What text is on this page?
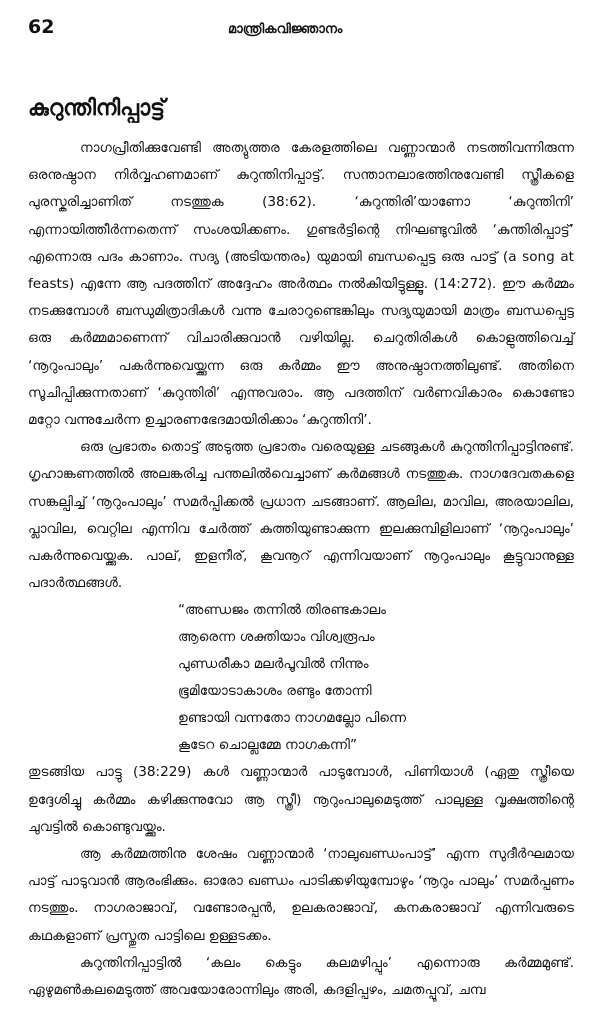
62	മാന്ത്രികവിജ്ഞാനം
കുറുന്തിനിപ്പാട്ട്

നാഗപ്രീതിക്കുവേണ്ടി അത്യുത്തര കേരളത്തിലെ വണ്ണാന്മാർ നടത്തിവന്നിരുന്ന ഒരനുഷ്ഠാന നിർവ്വഹണമാണ് കുറുന്തിനിപ്പാട്ട്. സന്താനലാഭത്തിനുവേണ്ടി സ്ത്രീകളെ പുരസ്കരിച്ചാണിത് നടത്തുക (38:62). ‘കുറുന്തിരി’യാണോ ‘കുറുന്തിനി’ എന്നായിത്തീർന്നതെന്ന് സംശയിക്കണം. ഗുണ്ടർട്ടിന്റെ നിഘണ്ടുവിൽ ‘കുന്തിരിപ്പാട്ട്’ എന്നൊരു പദം കാണാം. സദ്യ (അടിയന്തരം) യുമായി ബന്ധപ്പെട്ട ഒരു പാട്ട് (a song at feasts) എന്നേ ആ പദത്തിന് അദ്ദേഹം അർത്ഥം നൽകിയിട്ടുള്ളൂ. (14:272). ഈ കർമ്മം നടക്കുമ്പോൾ ബന്ധുമിത്രാദികൾ വന്നു ചേരാറുണ്ടെങ്കിലും സദ്യയുമായി മാത്രം ബന്ധപ്പെട്ട ഒരു കർമ്മമാണെന്ന് വിചാരിക്കുവാൻ വഴിയില്ല. ചെറുതിരികൾ കൊളുത്തിവെച്ച് ‘നൂറുംപാലും’ പകർന്നുവെയ്ക്കുന്ന ഒരു കർമ്മം ഈ അനുഷ്ഠാനത്തിലുണ്ട്. അതിനെ സൂചിപ്പിക്കുന്നതാണ് ‘കുറുന്തിരി’ എന്നുവരാം. ആ പദത്തിന് വർണവികാരം കൊണ്ടോ മറ്റോ വന്നുചേർന്ന ഉച്ചാരണഭേദമായിരിക്കാം ‘കുറുന്തിനി’.

ഒരു പ്രഭാതം തൊട്ട് അടുത്ത പ്രഭാതം വരെയുള്ള ചടങ്ങുകൾ കുറുന്തിനിപ്പാട്ടിനുണ്ട്. ഗൃഹാങ്കണത്തിൽ അലങ്കരിച്ച പന്തലിൽവെച്ചാണ് കർമങ്ങൾ നടത്തുക. നാഗദേവതകളെ സങ്കല്പിച്ച് ‘നൂറുംപാലും’ സമർപ്പിക്കൽ പ്രധാന ചടങ്ങാണ്. ആലില, മാവില, അരയാലില, പ്ലാവില, വെറ്റില എന്നിവ ചേർത്ത് കുത്തിയുണ്ടാക്കുന്ന ഇലക്കുമ്പിളിലാണ് ‘നൂറുംപാലും’ പകർന്നുവെയ്ക്കുക. പാല്, ഇളനീര്, കൂവനൂറ് എന്നിവയാണ് നൂറുംപാലും കൂട്ടുവാനുള്ള പദാർത്ഥങ്ങൾ.

“അണ്ഡജം തന്നിൽ തിരണ്ടകാലം
ആരെന്ന ശക്തിയാം വിശ്വരൂപം
പുണ്ഡരീകാ മലർപൂവിൽ നിന്നും
ഭൂമിയോടാകാശം രണ്ടും തോന്നി
ഉണ്ടായി വന്നതോ നാഗമല്ലോ പിന്നെ
കൂടേറ ചൊല്ലമ്മേ നാഗകന്നി”

തുടങ്ങിയ പാട്ടു (38:229) കൾ വണ്ണാന്മാർ പാടുമ്പോൾ, പിണിയാൾ (ഏതു സ്ത്രീയെ ഉദ്ദേശിച്ചു കർമ്മം കഴിക്കുന്നുവോ ആ സ്ത്രീ) നൂറുംപാലുമെടുത്ത് പാലുള്ള വൃക്ഷത്തിന്റെ ചുവട്ടിൽ കൊണ്ടുവയ്ക്കും.

ആ കർമ്മത്തിനു ശേഷം വണ്ണാന്മാർ ‘നാലുഖണ്ഡംപാട്ട്’ എന്ന സുദീർഘമായ പാട്ട് പാടുവാൻ ആരംഭിക്കും. ഓരോ ഖണ്ഡം പാടിക്കഴിയുമ്പോഴും ‘നൂറും പാലും’ സമർപ്പണം നടത്തും. നാഗരാജാവ്, വണ്ടോരപ്പൻ, ഉലകരാജാവ്, കനകരാജാവ് എന്നിവരുടെ കഥകളാണ് പ്രസ്തുത പാട്ടിലെ ഉള്ളടക്കം.

കുറുന്തിനിപ്പാട്ടിൽ ‘കലം കെട്ടും കലമഴിപ്പും’ എന്നൊരു കർമ്മമുണ്ട്. ഏഴുമൺകലമെടുത്ത് അവയോരോന്നിലും അരി, കദളിപ്പഴം, ചമതപ്പൂവ്, ചമ്പ
